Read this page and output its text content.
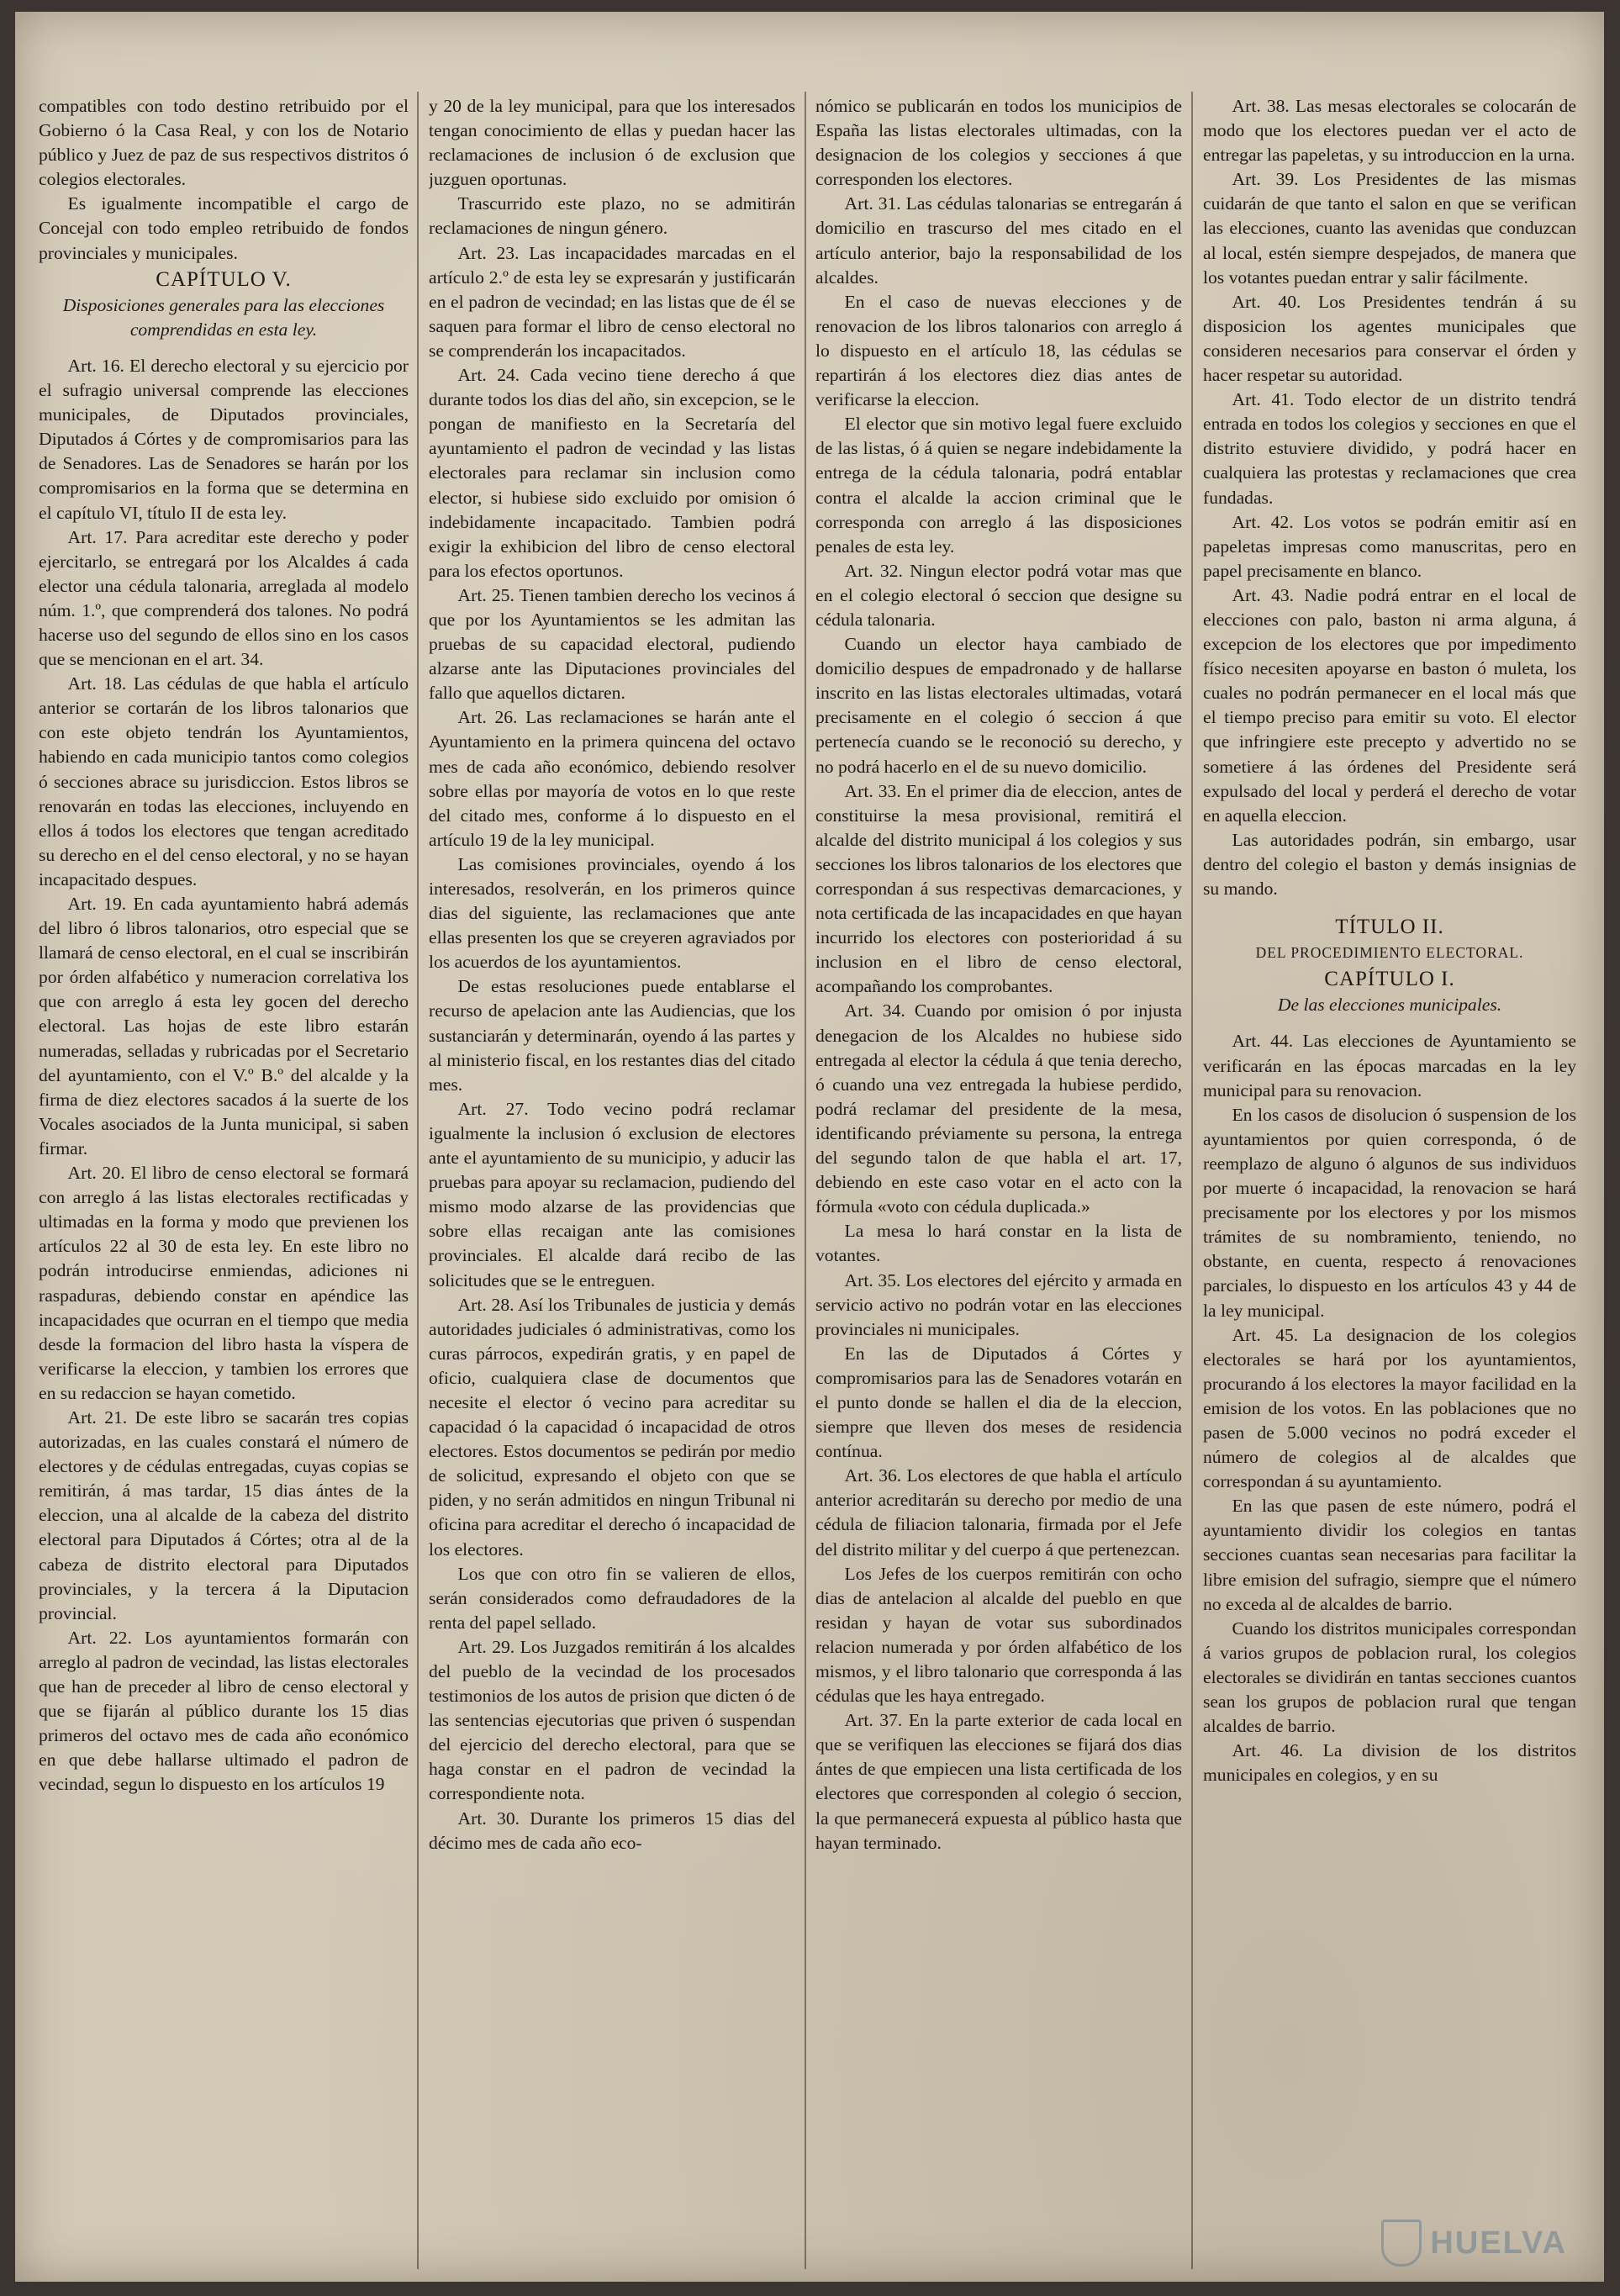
compatibles con todo destino retribuido por el Gobierno ó la Casa Real, y con los de Notario público y Juez de paz de sus respectivos distritos ó colegios electorales.

Es igualmente incompatible el cargo de Concejal con todo empleo retribuido de fondos provinciales y municipales.

CAPÍTULO V.

Disposiciones generales para las elecciones comprendidas en esta ley.

Art. 16. El derecho electoral y su ejercicio por el sufragio universal comprende las elecciones municipales, de Diputados provinciales, Diputados á Córtes y de compromisarios para las de Senadores. Las de Senadores se harán por los compromisarios en la forma que se determina en el capítulo VI, título II de esta ley.

Art. 17. Para acreditar este derecho y poder ejercitarlo, se entregará por los Alcaldes á cada elector una cédula talonaria, arreglada al modelo núm. 1.º, que comprenderá dos talones. No podrá hacerse uso del segundo de ellos sino en los casos que se mencionan en el art. 34.

Art. 18. Las cédulas de que habla el artículo anterior se cortarán de los libros talonarios que con este objeto tendrán los Ayuntamientos, habiendo en cada municipio tantos como colegios ó secciones abrace su jurisdiccion. Estos libros se renovarán en todas las elecciones, incluyendo en ellos á todos los electores que tengan acreditado su derecho en el del censo electoral, y no se hayan incapacitado despues.

Art. 19. En cada ayuntamiento habrá además del libro ó libros talonarios, otro especial que se llamará de censo electoral, en el cual se inscribirán por órden alfabético y numeracion correlativa los que con arreglo á esta ley gocen del derecho electoral. Las hojas de este libro estarán numeradas, selladas y rubricadas por el Secretario del ayuntamiento, con el V.º B.º del alcalde y la firma de diez electores sacados á la suerte de los Vocales asociados de la Junta municipal, si saben firmar.

Art. 20. El libro de censo electoral se formará con arreglo á las listas electorales rectificadas y ultimadas en la forma y modo que previenen los artículos 22 al 30 de esta ley. En este libro no podrán introducirse enmiendas, adiciones ni raspaduras, debiendo constar en apéndice las incapacidades que ocurran en el tiempo que media desde la formacion del libro hasta la víspera de verificarse la eleccion, y tambien los errores que en su redaccion se hayan cometido.

Art. 21. De este libro se sacarán tres copias autorizadas, en las cuales constará el número de electores y de cédulas entregadas, cuyas copias se remitirán, á mas tardar, 15 dias ántes de la eleccion, una al alcalde de la cabeza del distrito electoral para Diputados á Córtes; otra al de la cabeza de distrito electoral para Diputados provinciales, y la tercera á la Diputacion provincial.

Art. 22. Los ayuntamientos formarán con arreglo al padron de vecindad, las listas electorales que han de preceder al libro de censo electoral y que se fijarán al público durante los 15 dias primeros del octavo mes de cada año económico en que debe hallarse ultimado el padron de vecindad, segun lo dispuesto en los artículos 19

y 20 de la ley municipal, para que los interesados tengan conocimiento de ellas y puedan hacer las reclamaciones de inclusion ó de exclusion que juzguen oportunas.

Trascurrido este plazo, no se admitirán reclamaciones de ningun género.

Art. 23. Las incapacidades marcadas en el artículo 2.º de esta ley se expresarán y justificarán en el padron de vecindad; en las listas que de él se saquen para formar el libro de censo electoral no se comprenderán los incapacitados.

Art. 24. Cada vecino tiene derecho á que durante todos los dias del año, sin excepcion, se le pongan de manifiesto en la Secretaría del ayuntamiento el padron de vecindad y las listas electorales para reclamar sin inclusion como elector, si hubiese sido excluido por omision ó indebidamente incapacitado. Tambien podrá exigir la exhibicion del libro de censo electoral para los efectos oportunos.

Art. 25. Tienen tambien derecho los vecinos á que por los Ayuntamientos se les admitan las pruebas de su capacidad electoral, pudiendo alzarse ante las Diputaciones provinciales del fallo que aquellos dictaren.

Art. 26. Las reclamaciones se harán ante el Ayuntamiento en la primera quincena del octavo mes de cada año económico, debiendo resolver sobre ellas por mayoría de votos en lo que reste del citado mes, conforme á lo dispuesto en el artículo 19 de la ley municipal.

Las comisiones provinciales, oyendo á los interesados, resolverán, en los primeros quince dias del siguiente, las reclamaciones que ante ellas presenten los que se creyeren agraviados por los acuerdos de los ayuntamientos.

De estas resoluciones puede entablarse el recurso de apelacion ante las Audiencias, que los sustanciarán y determinarán, oyendo á las partes y al ministerio fiscal, en los restantes dias del citado mes.

Art. 27. Todo vecino podrá reclamar igualmente la inclusion ó exclusion de electores ante el ayuntamiento de su municipio, y aducir las pruebas para apoyar su reclamacion, pudiendo del mismo modo alzarse de las providencias que sobre ellas recaigan ante las comisiones provinciales. El alcalde dará recibo de las solicitudes que se le entreguen.

Art. 28. Así los Tribunales de justicia y demás autoridades judiciales ó administrativas, como los curas párrocos, expedirán gratis, y en papel de oficio, cualquiera clase de documentos que necesite el elector ó vecino para acreditar su capacidad ó la capacidad ó incapacidad de otros electores. Estos documentos se pedirán por medio de solicitud, expresando el objeto con que se piden, y no serán admitidos en ningun Tribunal ni oficina para acreditar el derecho ó incapacidad de los electores.

Los que con otro fin se valieren de ellos, serán considerados como defraudadores de la renta del papel sellado.

Art. 29. Los Juzgados remitirán á los alcaldes del pueblo de la vecindad de los procesados testimonios de los autos de prision que dicten ó de las sentencias ejecutorias que priven ó suspendan del ejercicio del derecho electoral, para que se haga constar en el padron de vecindad la correspondiente nota.

Art. 30. Durante los primeros 15 dias del décimo mes de cada año eco-

nómico se publicarán en todos los municipios de España las listas electorales ultimadas, con la designacion de los colegios y secciones á que corresponden los electores.

Art. 31. Las cédulas talonarias se entregarán á domicilio en trascurso del mes citado en el artículo anterior, bajo la responsabilidad de los alcaldes.

En el caso de nuevas elecciones y de renovacion de los libros talonarios con arreglo á lo dispuesto en el artículo 18, las cédulas se repartirán á los electores diez dias antes de verificarse la eleccion.

El elector que sin motivo legal fuere excluido de las listas, ó á quien se negare indebidamente la entrega de la cédula talonaria, podrá entablar contra el alcalde la accion criminal que le corresponda con arreglo á las disposiciones penales de esta ley.

Art. 32. Ningun elector podrá votar mas que en el colegio electoral ó seccion que designe su cédula talonaria.

Cuando un elector haya cambiado de domicilio despues de empadronado y de hallarse inscrito en las listas electorales ultimadas, votará precisamente en el colegio ó seccion á que pertenecía cuando se le reconoció su derecho, y no podrá hacerlo en el de su nuevo domicilio.

Art. 33. En el primer dia de eleccion, antes de constituirse la mesa provisional, remitirá el alcalde del distrito municipal á los colegios y sus secciones los libros talonarios de los electores que correspondan á sus respectivas demarcaciones, y nota certificada de las incapacidades en que hayan incurrido los electores con posterioridad á su inclusion en el libro de censo electoral, acompañando los comprobantes.

Art. 34. Cuando por omision ó por injusta denegacion de los Alcaldes no hubiese sido entregada al elector la cédula á que tenia derecho, ó cuando una vez entregada la hubiese perdido, podrá reclamar del presidente de la mesa, identificando préviamente su persona, la entrega del segundo talon de que habla el art. 17, debiendo en este caso votar en el acto con la fórmula «voto con cédula duplicada.»

La mesa lo hará constar en la lista de votantes.

Art. 35. Los electores del ejército y armada en servicio activo no podrán votar en las elecciones provinciales ni municipales.

En las de Diputados á Córtes y compromisarios para las de Senadores votarán en el punto donde se hallen el dia de la eleccion, siempre que lleven dos meses de residencia contínua.

Art. 36. Los electores de que habla el artículo anterior acreditarán su derecho por medio de una cédula de filiacion talonaria, firmada por el Jefe del distrito militar y del cuerpo á que pertenezcan.

Los Jefes de los cuerpos remitirán con ocho dias de antelacion al alcalde del pueblo en que residan y hayan de votar sus subordinados relacion numerada y por órden alfabético de los mismos, y el libro talonario que corresponda á las cédulas que les haya entregado.

Art. 37. En la parte exterior de cada local en que se verifiquen las elecciones se fijará dos dias ántes de que empiecen una lista certificada de los electores que corresponden al colegio ó seccion, la que permanecerá expuesta al público hasta que hayan terminado.

Art. 38. Las mesas electorales se colocarán de modo que los electores puedan ver el acto de entregar las papeletas, y su introduccion en la urna.

Art. 39. Los Presidentes de las mismas cuidarán de que tanto el salon en que se verifican las elecciones, cuanto las avenidas que conduzcan al local, estén siempre despejados, de manera que los votantes puedan entrar y salir fácilmente.

Art. 40. Los Presidentes tendrán á su disposicion los agentes municipales que consideren necesarios para conservar el órden y hacer respetar su autoridad.

Art. 41. Todo elector de un distrito tendrá entrada en todos los colegios y secciones en que el distrito estuviere dividido, y podrá hacer en cualquiera las protestas y reclamaciones que crea fundadas.

Art. 42. Los votos se podrán emitir así en papeletas impresas como manuscritas, pero en papel precisamente en blanco.

Art. 43. Nadie podrá entrar en el local de elecciones con palo, baston ni arma alguna, á excepcion de los electores que por impedimento físico necesiten apoyarse en baston ó muleta, los cuales no podrán permanecer en el local más que el tiempo preciso para emitir su voto. El elector que infringiere este precepto y advertido no se sometiere á las órdenes del Presidente será expulsado del local y perderá el derecho de votar en aquella eleccion.

Las autoridades podrán, sin embargo, usar dentro del colegio el baston y demás insignias de su mando.

TÍTULO II.

DEL PROCEDIMIENTO ELECTORAL.

CAPÍTULO I.

De las elecciones municipales.

Art. 44. Las elecciones de Ayuntamiento se verificarán en las épocas marcadas en la ley municipal para su renovacion.

En los casos de disolucion ó suspension de los ayuntamientos por quien corresponda, ó de reemplazo de alguno ó algunos de sus individuos por muerte ó incapacidad, la renovacion se hará precisamente por los electores y por los mismos trámites de su nombramiento, teniendo, no obstante, en cuenta, respecto á renovaciones parciales, lo dispuesto en los artículos 43 y 44 de la ley municipal.

Art. 45. La designacion de los colegios electorales se hará por los ayuntamientos, procurando á los electores la mayor facilidad en la emision de los votos. En las poblaciones que no pasen de 5.000 vecinos no podrá exceder el número de colegios al de alcaldes que correspondan á su ayuntamiento.

En las que pasen de este número, podrá el ayuntamiento dividir los colegios en tantas secciones cuantas sean necesarias para facilitar la libre emision del sufragio, siempre que el número no exceda al de alcaldes de barrio.

Cuando los distritos municipales correspondan á varios grupos de poblacion rural, los colegios electorales se dividirán en tantas secciones cuantos sean los grupos de poblacion rural que tengan alcaldes de barrio.

Art. 46. La division de los distritos municipales en colegios, y en su

HUELVA
